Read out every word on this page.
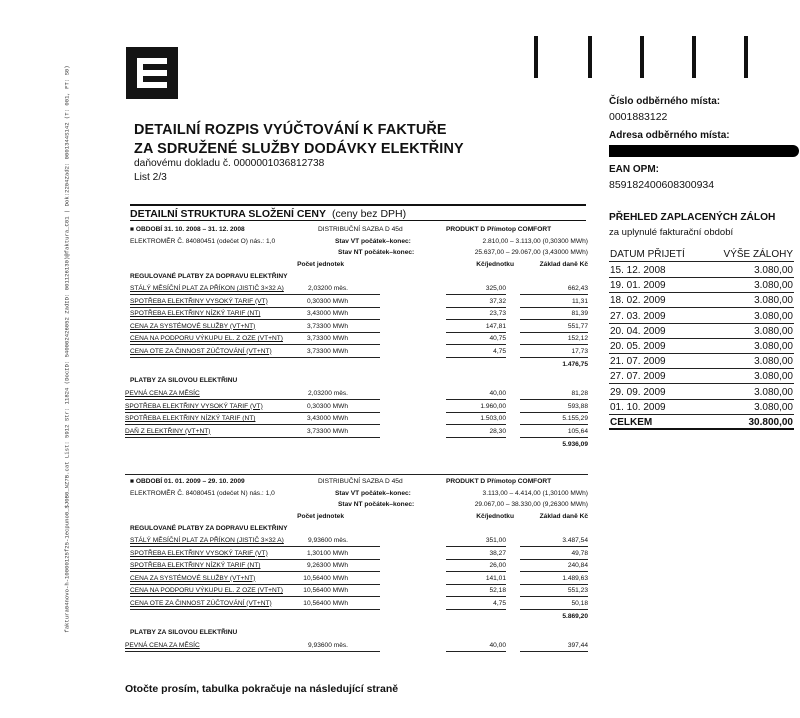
faktura04novo-h-10000125f25-1ecpuno0_$J0B0_NZ7B.cat List: 5912 Str: 11824 (DocID: 540002426052 ZadID: 001126130)@faktura_C01 | Dok:2204Zad2: 0001344S142 (T: 001, FT: S0)	DETAILNÍ ROZPIS VYÚČTOVÁNÍ K FAKTUŘE
ZA SDRUŽENÉ SLUŽBY DODÁVKY ELEKTŘINY
daňovému dokladu č. 0000001036812738
List 2/3
Číslo odběrného místa:
0001883122
Adresa odběrného místa:
EAN OPM:
859182400608300934
DETAILNÍ STRUKTURA SLOŽENÍ CENY (ceny bez DPH)
■ OBDOBÍ 31. 10. 2008 – 31. 12. 2008	DISTRIBUČNÍ SAZBA D 45d	PRODUKT D Přímotop COMFORT
ELEKTROMĚR Č. 84080451 (odečet O) nás.: 1,0	Stav VT počátek–konec:	2.810,00 – 3.113,00 (0,30300 MWh)
Stav NT počátek–konec:	25.637,00 – 29.067,00 (3,43000 MWh)
Počet jednotek	Kč/jednotku	Základ daně Kč
REGULOVANÉ PLATBY ZA DOPRAVU ELEKTŘINY
STÁLÝ MĚSÍČNÍ PLAT ZA PŘÍKON (JISTIČ 3×32 A)	2,03200 měs.	325,00	662,43
SPOTŘEBA ELEKTŘINY VYSOKÝ TARIF (VT)	0,30300 MWh	37,32	11,31
SPOTŘEBA ELEKTŘINY NÍZKÝ TARIF (NT)	3,43000 MWh	23,73	81,39
CENA ZA SYSTÉMOVÉ SLUŽBY (VT+NT)	3,73300 MWh	147,81	551,77
CENA NA PODPORU VÝKUPU EL. Z OZE (VT+NT)	3,73300 MWh	40,75	152,12
CENA OTE ZA ČINNOST ZÚČTOVÁNÍ (VT+NT)	3,73300 MWh	4,75	17,73
1.476,75
PLATBY ZA SILOVOU ELEKTŘINU
PEVNÁ CENA ZA MĚSÍC	2,03200 měs.	40,00	81,28
SPOTŘEBA ELEKTŘINY VYSOKÝ TARIF (VT)	0,30300 MWh	1.960,00	593,88
SPOTŘEBA ELEKTŘINY NÍZKÝ TARIF (NT)	3,43000 MWh	1.503,00	5.155,29
DAŇ Z ELEKTŘINY (VT+NT)	3,73300 MWh	28,30	105,64
5.936,09
■ OBDOBÍ 01. 01. 2009 – 29. 10. 2009	DISTRIBUČNÍ SAZBA D 45d	PRODUKT D Přímotop COMFORT
ELEKTROMĚR Č. 84080451 (odečet N) nás.: 1,0	Stav VT počátek–konec:	3.113,00 – 4.414,00 (1,30100 MWh)
Stav NT počátek–konec:	29.067,00 – 38.330,00 (9,26300 MWh)
Počet jednotek	Kč/jednotku	Základ daně Kč
REGULOVANÉ PLATBY ZA DOPRAVU ELEKTŘINY
STÁLÝ MĚSÍČNÍ PLAT ZA PŘÍKON (JISTIČ 3×32 A)	9,93600 měs.	351,00	3.487,54
SPOTŘEBA ELEKTŘINY VYSOKÝ TARIF (VT)	1,30100 MWh	38,27	49,78
SPOTŘEBA ELEKTŘINY NÍZKÝ TARIF (NT)	9,26300 MWh	26,00	240,84
CENA ZA SYSTÉMOVÉ SLUŽBY (VT+NT)	10,56400 MWh	141,01	1.489,63
CENA NA PODPORU VÝKUPU EL. Z OZE (VT+NT)	10,56400 MWh	52,18	551,23
CENA OTE ZA ČINNOST ZÚČTOVÁNÍ (VT+NT)	10,56400 MWh	4,75	50,18
5.869,20
PLATBY ZA SILOVOU ELEKTŘINU
PEVNÁ CENA ZA MĚSÍC	9,93600 měs.	40,00	397,44
PŘEHLED ZAPLACENÝCH ZÁLOH
za uplynulé fakturační období
DATUM PŘIJETÍ	VÝŠE ZÁLOHY
15. 12. 2008	3.080,00
19. 01. 2009	3.080,00
18. 02. 2009	3.080,00
27. 03. 2009	3.080,00
20. 04. 2009	3.080,00
20. 05. 2009	3.080,00
21. 07. 2009	3.080,00
27. 07. 2009	3.080,00
29. 09. 2009	3.080,00
01. 10. 2009	3.080,00
CELKEM	30.800,00
Otočte prosím, tabulka pokračuje na následující straně
